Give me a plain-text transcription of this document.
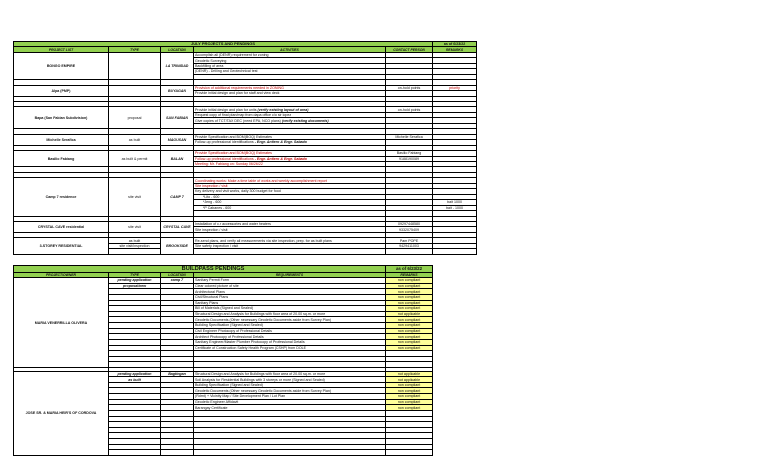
JULY PROJECTS AND PENDINGS					as of 6/23/22
PROJECT LIST	TYPE	LOCATION	ACTIVITIES	CONTACT PERSON	REMARKS
BONGO EMPIRE		LA TRINIDAD	Accomplish all (DENR) requirement for zoning		
			Geodetic Surveying		
			Backfilling of area		
			(DENR) - Drilling and Geotechnical test		

Alpa (PMP)		BUYAGAN	Provision of additional requirements needed in ZONING	on-hold points	priority
			Provide initial design and plan for staff and view deck		

Bapa (San Fabian Subdivision)	proposal	SAN FABIAN	Provide initial design and plan for units (verify existing layout of area)	on-hold points	
			Request copy of final plan/map from dapa office c/o sir lopez		
			Give copies of TCT/TAX DEC (need EPA, NCO plans) (verify existing documents)		

Michelle Serafica	as built	MAGUSAN	Provide Specification and BOM(BOQ) Estimates	Michelle Serafica	
			Follow-up professional identifications - Engr. Antiero & Engr. Sabado		

Basilio Fabiang	as built & permit	BALAN	Provide Specification and BOM(BOQ) Estimates	Basilio Fabiang	
			Follow-up professional identifications - Engr. Antiero & Engr. Sabado	9188190089	
			Meeting: Mr. Fabiang on: Sunday 06/26/22		

Camp 7 residence	site visit	CAMP 7	Coordinating works: Make a time table of works and weekly accomplishment report		
			Site inspection / visit		
			Key delivery and visit works, daily 300 budget for food		
			*Lito - 600		
			*Jeng - 600		bait 1000
			*P Cabanes - 600		bait - 1000

CRYSTAL CAVE residential	site visit	CRYSTAL CAVE	Installation of c.r accessories and water heaters	09297448580	
			Site inspection / visit	9332075409	

3-STOREY RESIDENTIAL	as built	BROOKSIDE	Re-send plans, and verify all measurements via site inspection, prep. for as built plans	Pam POPE	
	site visit/inspection		Site safety inspection / visit	9429411003	

BUILDPASS PENDINGS				as of 6/23/22
PROJECT/OWNER	TYPE	LOCATION	REQUIREMENTS	REMARKS
MARIA VENERRILLA OLIVERA	pending application	camp 7	Sanitary Permit Form	non compliant
	proposal/new		Clear colored picture of site	non compliant
			Architectural Plans	non compliant
			Civil/Structural Plans	non compliant
			Sanitary Plans	non compliant
			Bill of Materials (Signed and Sealed)	non compliant
			Structural Design and Analysis for Buildings with floor area of 20.00 sq.m. or more	not applicable
			Geodetic Documents (Other necessary Geodetic Documents aside from Survey Plan)	non compliant
			Building Specification (Signed and Sealed)	non compliant
			Civil Engineer Photocopy of Professional Details	non compliant
			Architect Photocopy of Professional Details	non compliant
			Sanitary Engineer/Master Plumber Photocopy of Professional Details	non compliant
			Certificate of Construction Safety Health Program (CSHP) from DOLE	non compliant

JOSE SR. & MARIA HEIR'S OF CORDOVA	pending application	Bagtingan	Structural Design and Analysis for Buildings with floor area of 20.00 sq.m. or more	not applicable
	as built		Soil Analysis for Residential Buildings with 3 storeys or more (Signed and Sealed)	not applicable
			Building Specification (Signed and Sealed)	non compliant
			Geodetic Documents (Other necessary Geodetic Documents aside from Survey Plan)	non compliant
			(Rdmt) + Vicinity Map / Site Development Plan / Lot Plan	non compliant
			Geodetic Engineer Affidavit	non compliant
			Barangay Certificate	non compliant
